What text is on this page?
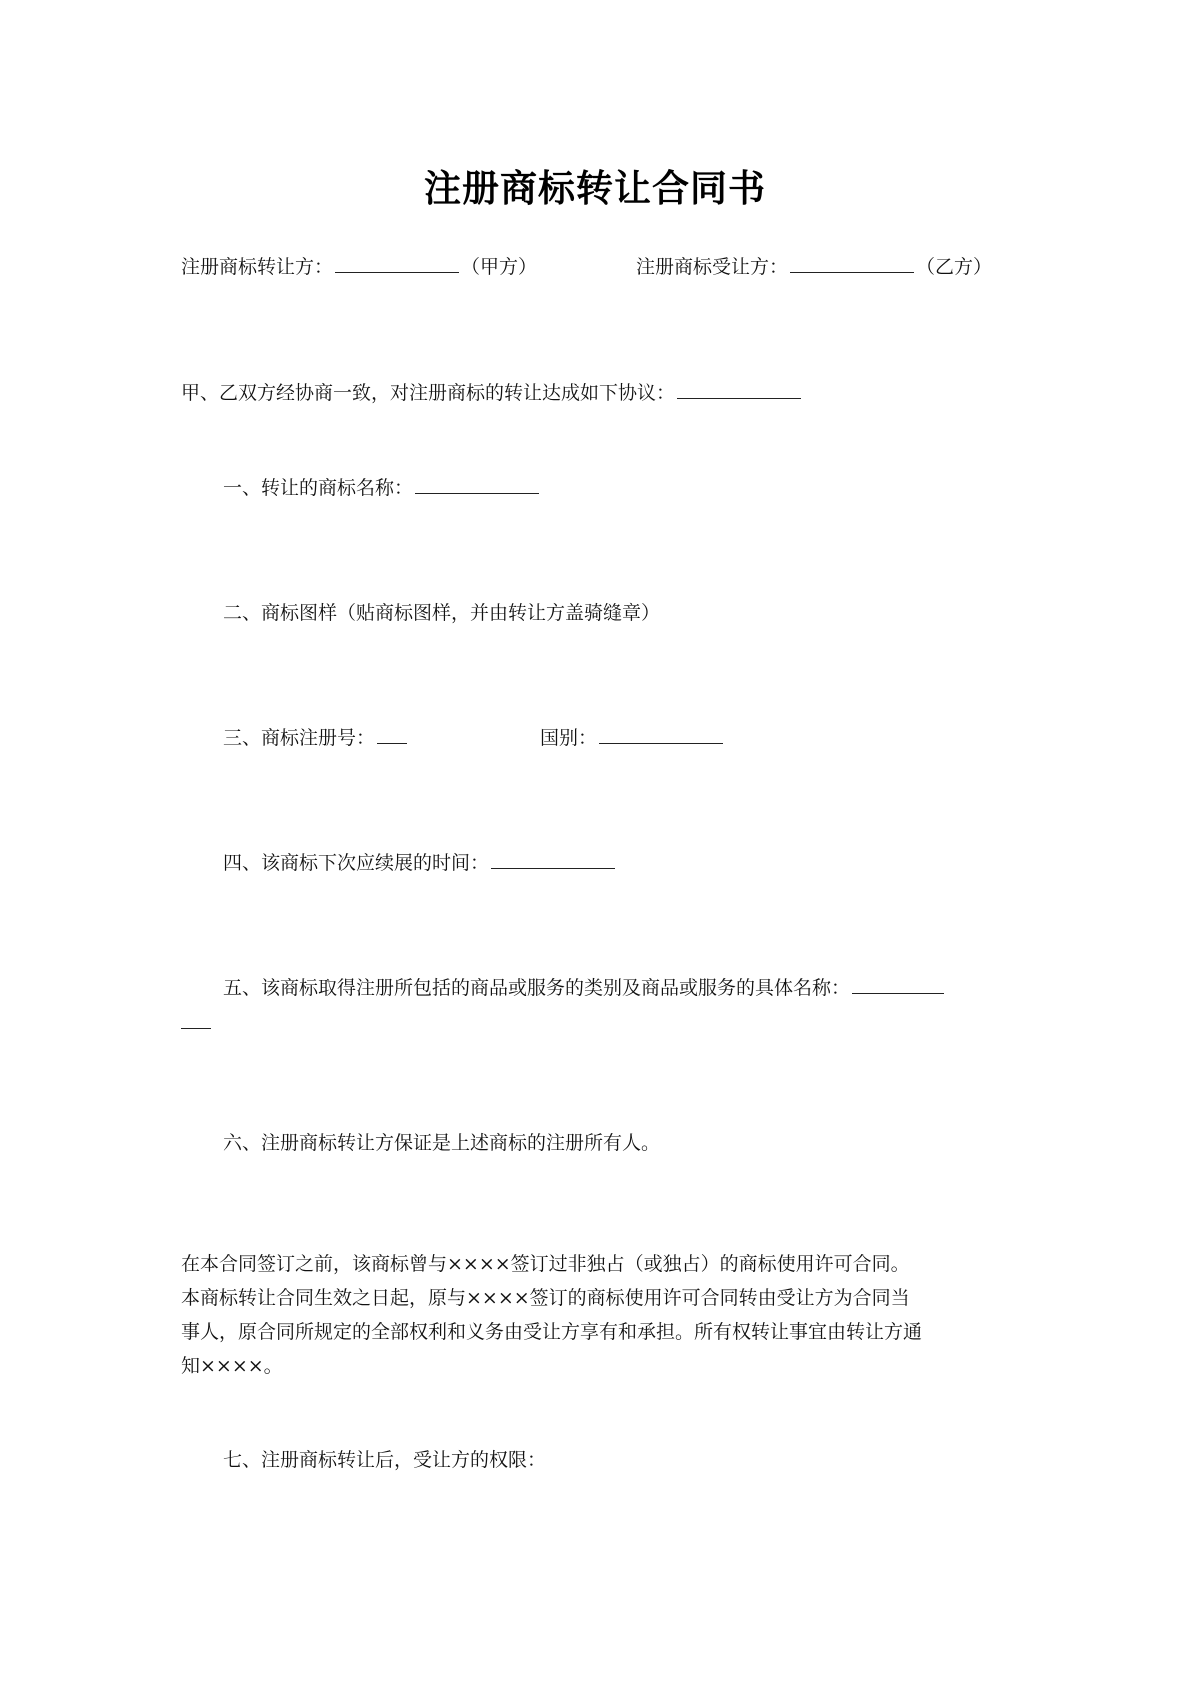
注册商标转让合同书
注册商标转让方：	（甲方）	注册商标受让方：	（乙方）
甲、乙双方经协商一致，对注册商标的转让达成如下协议：
一、转让的商标名称：
二、商标图样（贴商标图样，并由转让方盖骑缝章）
三、商标注册号：	国别：
四、该商标下次应续展的时间：
五、该商标取得注册所包括的商品或服务的类别及商品或服务的具体名称：
六、注册商标转让方保证是上述商标的注册所有人。
在本合同签订之前，该商标曾与××××签订过非独占（或独占）的商标使用许可合同。
本商标转让合同生效之日起，原与××××签订的商标使用许可合同转由受让方为合同当
事人，原合同所规定的全部权利和义务由受让方享有和承担。所有权转让事宜由转让方通
知××××。
七、注册商标转让后，受让方的权限：
